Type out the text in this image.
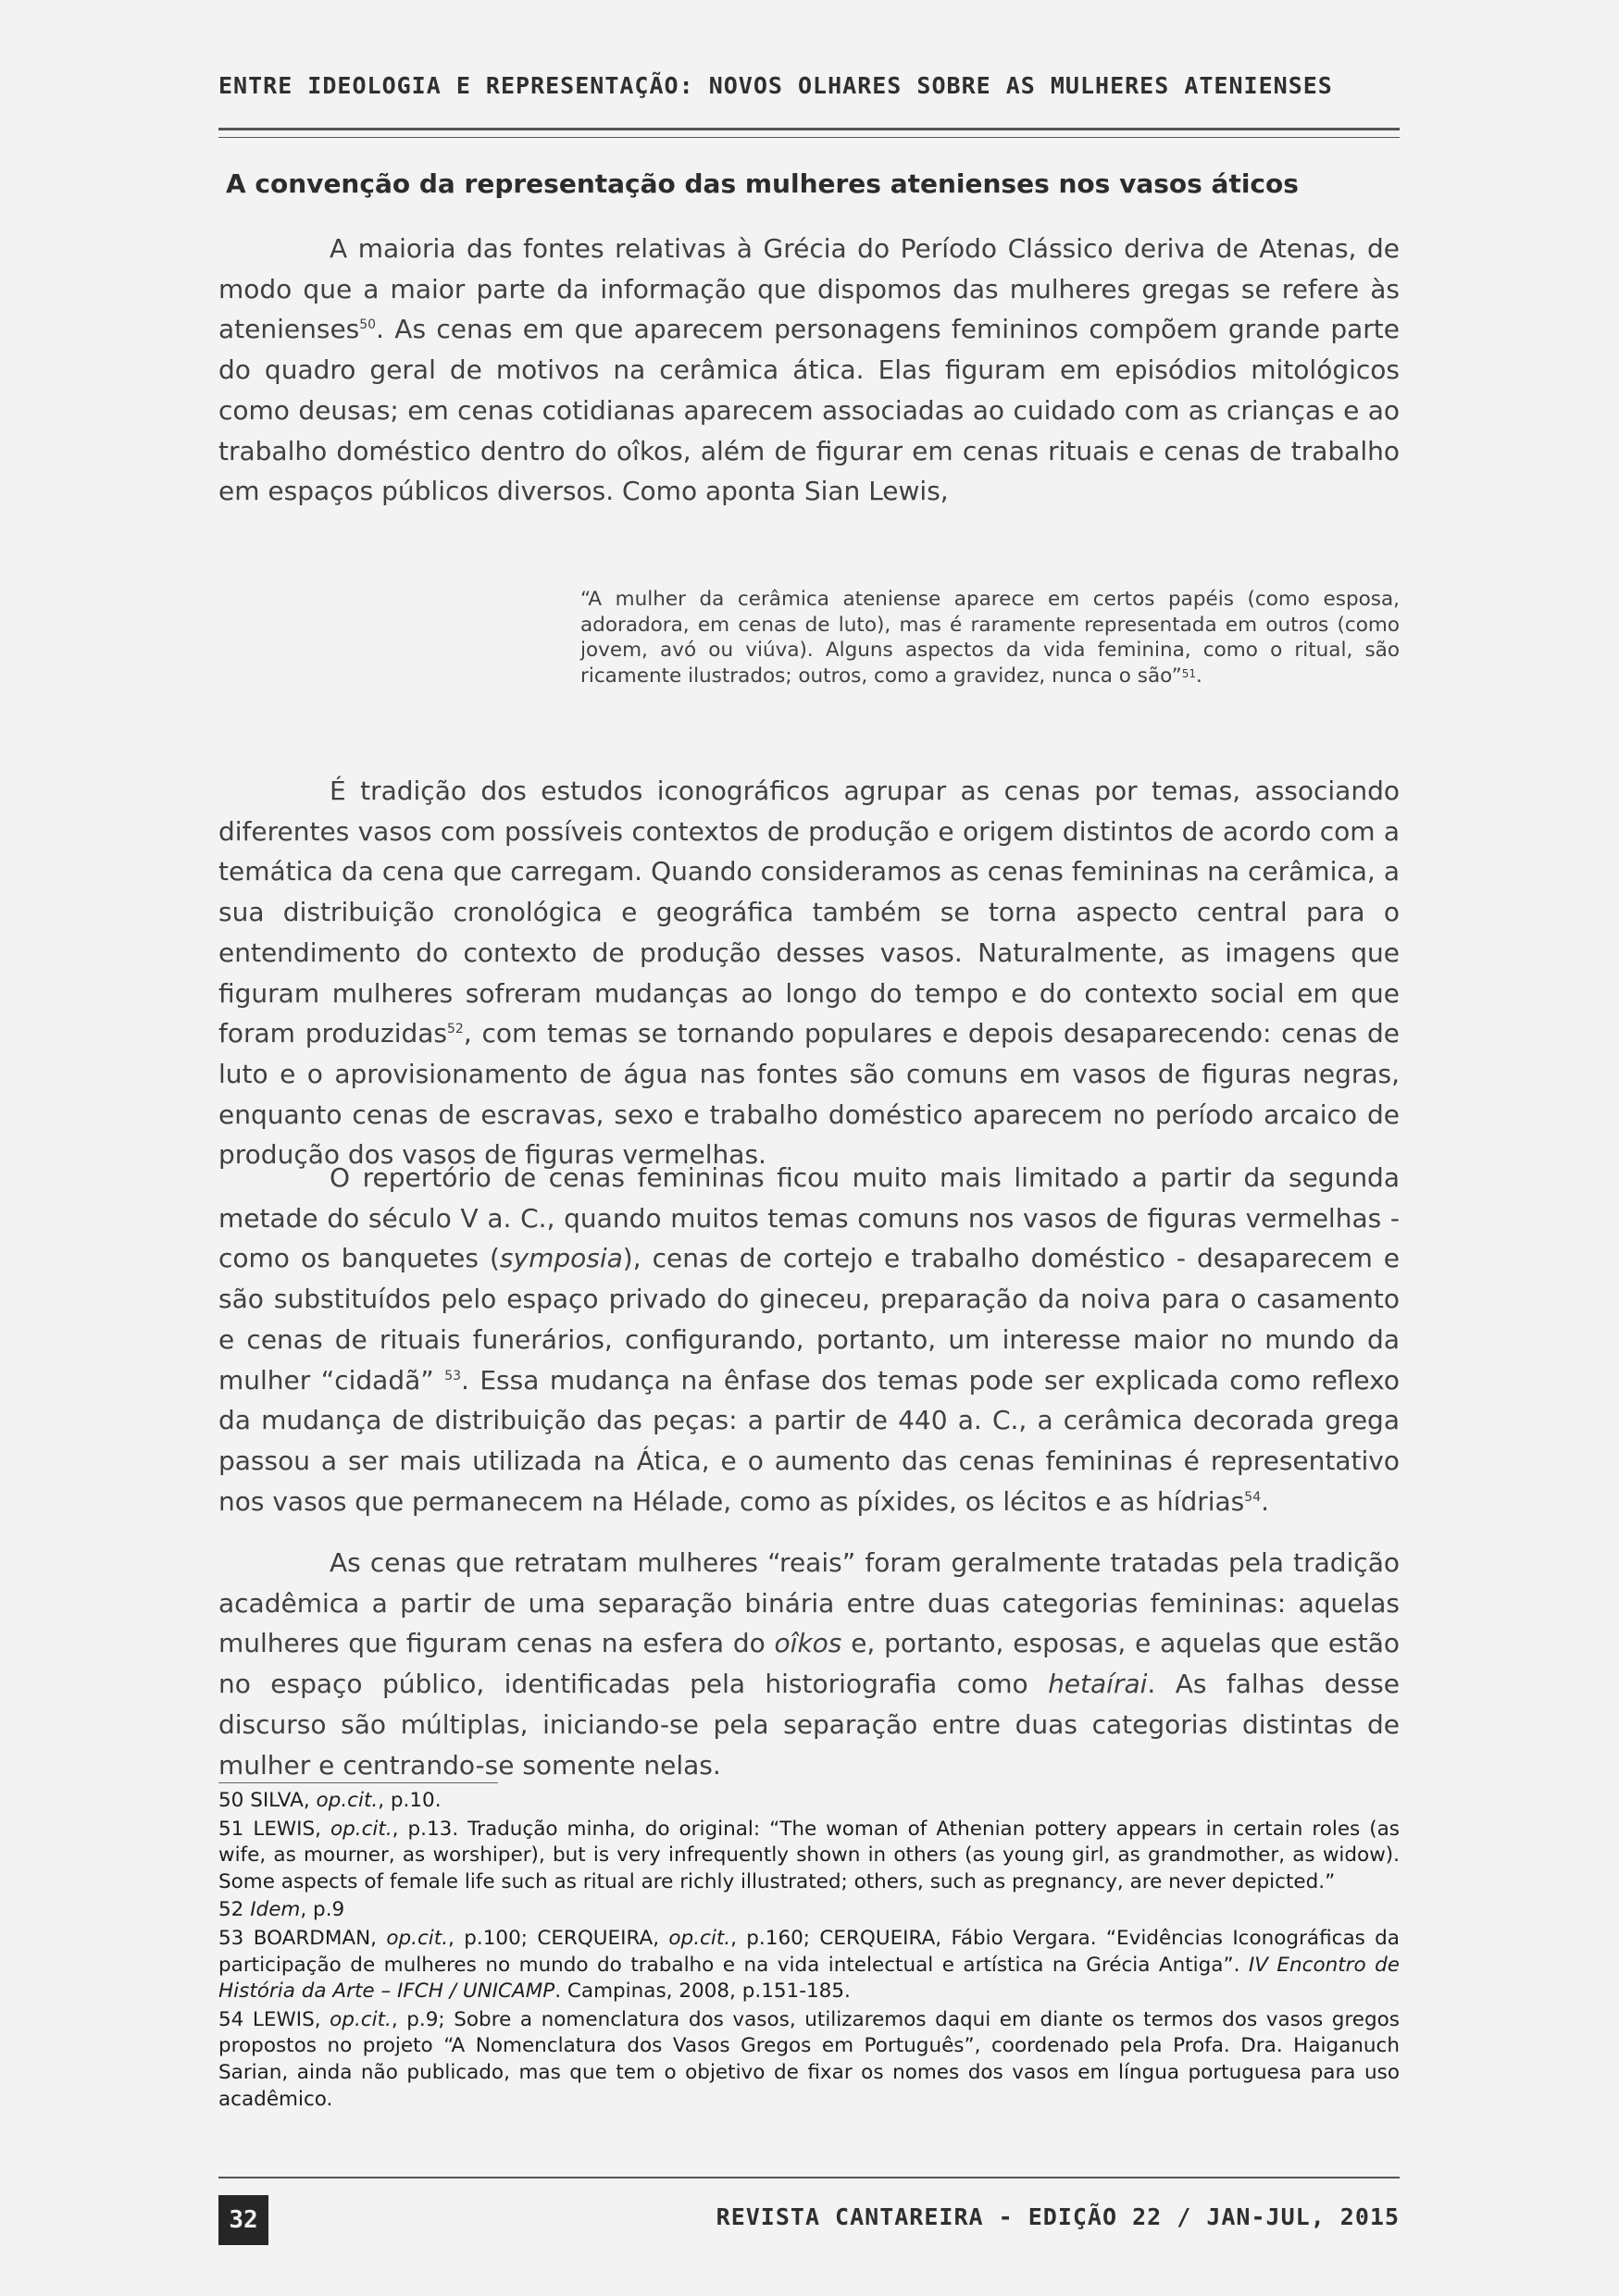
ENTRE IDEOLOGIA E REPRESENTAÇÃO: NOVOS OLHARES SOBRE AS MULHERES ATENIENSES
A convenção da representação das mulheres atenienses nos vasos áticos

A maioria das fontes relativas à Grécia do Período Clássico deriva de Atenas, de modo que a maior parte da informação que dispomos das mulheres gregas se refere às atenienses$^{50}$. As cenas em que aparecem personagens femininos compõem grande parte do quadro geral de motivos na cerâmica ática. Elas figuram em episódios mitológicos como deusas; em cenas cotidianas aparecem associadas ao cuidado com as crianças e ao trabalho doméstico dentro do oîkos, além de figurar em cenas rituais e cenas de trabalho em espaços públicos diversos. Como aponta Sian Lewis,

“A mulher da cerâmica ateniense aparece em certos papéis (como esposa, adoradora, em cenas de luto), mas é raramente representada em outros (como jovem, avó ou viúva). Alguns aspectos da vida feminina, como o ritual, são ricamente ilustrados; outros, como a gravidez, nunca o são”$^{51}$.

É tradição dos estudos iconográficos agrupar as cenas por temas, associando diferentes vasos com possíveis contextos de produção e origem distintos de acordo com a temática da cena que carregam. Quando consideramos as cenas femininas na cerâmica, a sua distribuição cronológica e geográfica também se torna aspecto central para o entendimento do contexto de produção desses vasos. Naturalmente, as imagens que figuram mulheres sofreram mudanças ao longo do tempo e do contexto social em que foram produzidas$^{52}$, com temas se tornando populares e depois desaparecendo: cenas de luto e o aprovisionamento de água nas fontes são comuns em vasos de figuras negras, enquanto cenas de escravas, sexo e trabalho doméstico aparecem no período arcaico de produção dos vasos de figuras vermelhas.

O repertório de cenas femininas ficou muito mais limitado a partir da segunda metade do século V a. C., quando muitos temas comuns nos vasos de figuras vermelhas - como os banquetes (symposia), cenas de cortejo e trabalho doméstico - desaparecem e são substituídos pelo espaço privado do gineceu, preparação da noiva para o casamento e cenas de rituais funerários, configurando, portanto, um interesse maior no mundo da mulher “cidadã” $^{53}$. Essa mudança na ênfase dos temas pode ser explicada como reflexo da mudança de distribuição das peças: a partir de 440 a. C., a cerâmica decorada grega passou a ser mais utilizada na Ática, e o aumento das cenas femininas é representativo nos vasos que permanecem na Hélade, como as píxides, os lécitos e as hídrias$^{54}$.

As cenas que retratam mulheres “reais” foram geralmente tratadas pela tradição acadêmica a partir de uma separação binária entre duas categorias femininas: aquelas mulheres que figuram cenas na esfera do oîkos e, portanto, esposas, e aquelas que estão no espaço público, identificadas pela historiografia como hetaírai. As falhas desse discurso são múltiplas, iniciando-se pela separação entre duas categorias distintas de mulher e centrando-se somente nelas.

50 SILVA, op.cit., p.10.
51 LEWIS, op.cit., p.13. Tradução minha, do original: “The woman of Athenian pottery appears in certain roles (as wife, as mourner, as worshiper), but is very infrequently shown in others (as young girl, as grandmother, as widow). Some aspects of female life such as ritual are richly illustrated; others, such as pregnancy, are never depicted.”
52 Idem, p.9
53 BOARDMAN, op.cit., p.100; CERQUEIRA, op.cit., p.160; CERQUEIRA, Fábio Vergara. “Evidências Iconográficas da participação de mulheres no mundo do trabalho e na vida intelectual e artística na Grécia Antiga”. IV Encontro de História da Arte – IFCH / UNICAMP. Campinas, 2008, p.151-185.
54 LEWIS, op.cit., p.9; Sobre a nomenclatura dos vasos, utilizaremos daqui em diante os termos dos vasos gregos propostos no projeto “A Nomenclatura dos Vasos Gregos em Português”, coordenado pela Profa. Dra. Haiganuch Sarian, ainda não publicado, mas que tem o objetivo de fixar os nomes dos vasos em língua portuguesa para uso acadêmico.
32	REVISTA CANTAREIRA - EDIÇÃO 22 / JAN-JUL, 2015
